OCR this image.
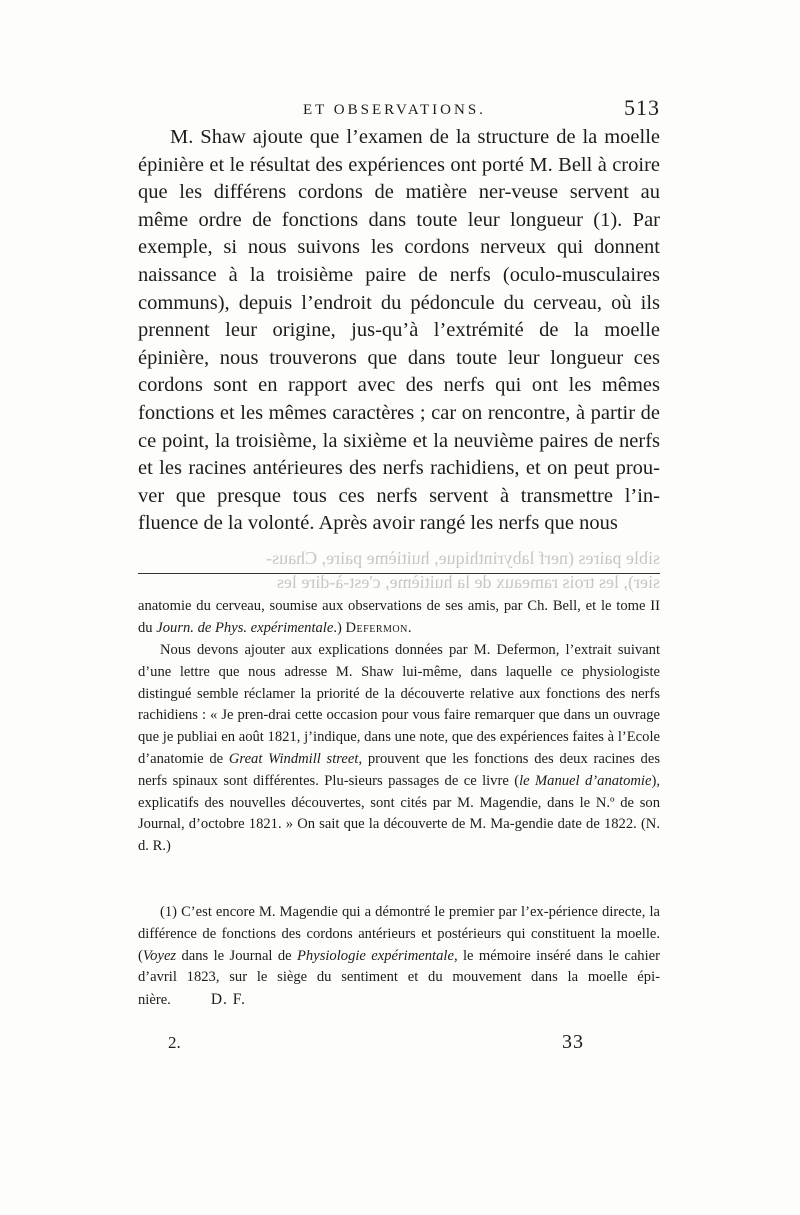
ET OBSERVATIONS.	513

M. Shaw ajoute que l’examen de la structure de la moelle épinière et le résultat des expériences ont porté M. Bell à croire que les différens cordons de matière ner-veuse servent au même ordre de fonctions dans toute leur longueur (1). Par exemple, si nous suivons les cordons nerveux qui donnent naissance à la troisième paire de nerfs (oculo-musculaires communs), depuis l’endroit du pédoncule du cerveau, où ils prennent leur origine, jus-qu’à l’extrémité de la moelle épinière, nous trouverons que dans toute leur longueur ces cordons sont en rapport avec des nerfs qui ont les mêmes fonctions et les mêmes caractères ; car on rencontre, à partir de ce point, la troisième, la sixième et la neuvième paires de nerfs et les racines antérieures des nerfs rachidiens, et on peut prou-ver que presque tous ces nerfs servent à transmettre l’in-fluence de la volonté. Après avoir rangé les nerfs que nous

sible paires (nerf labyrinthique, huitième paire, Chaus-
sier), les trois rameaux de la huitième, c'est-à-dire les

anatomie du cerveau, soumise aux observations de ses amis, par Ch. Bell, et le tome II du Journ. de Phys. expérimentale.) Defermon.

Nous devons ajouter aux explications données par M. Defermon, l’extrait suivant d’une lettre que nous adresse M. Shaw lui-même, dans laquelle ce physiologiste distingué semble réclamer la priorité de la découverte relative aux fonctions des nerfs rachidiens : « Je pren-drai cette occasion pour vous faire remarquer que dans un ouvrage que je publiai en août 1821, j’indique, dans une note, que des expériences faites à l’Ecole d’anatomie de Great Windmill street, prouvent que les fonctions des deux racines des nerfs spinaux sont différentes. Plu-sieurs passages de ce livre (le Manuel d’anatomie), explicatifs des nouvelles découvertes, sont cités par M. Magendie, dans le N.º de son Journal, d’octobre 1821. » On sait que la découverte de M. Ma-gendie date de 1822. (N. d. R.)

(1) C’est encore M. Magendie qui a démontré le premier par l’ex-périence directe, la différence de fonctions des cordons antérieurs et postérieurs qui constituent la moelle. (Voyez dans le Journal de Physiologie expérimentale, le mémoire inséré dans le cahier d’avril 1823, sur le siège du sentiment et du mouvement dans la moelle épi-nière.	D. F.

2.	33
